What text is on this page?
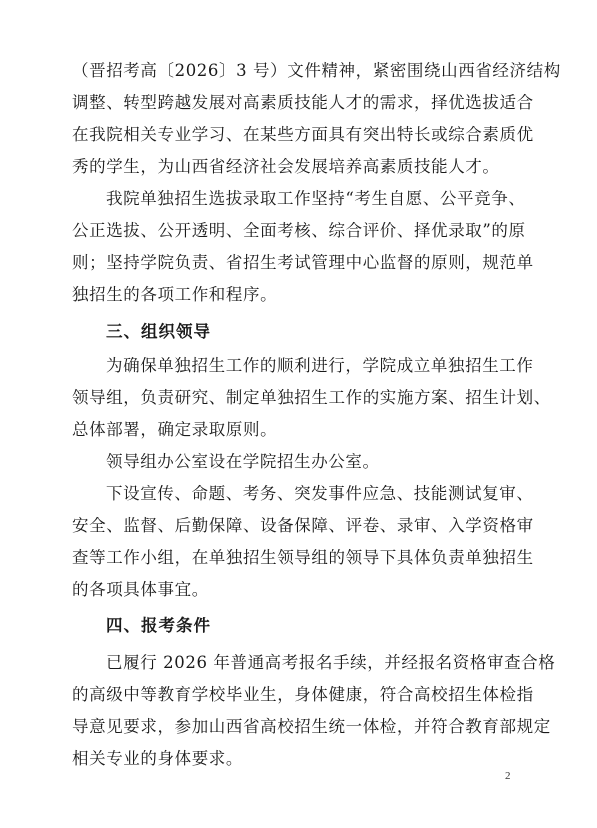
（晋招考高〔2026〕3 号）文件精神，紧密围绕山西省经济结构
调整、转型跨越发展对高素质技能人才的需求，择优选拔适合
在我院相关专业学习、在某些方面具有突出特长或综合素质优
秀的学生，为山西省经济社会发展培养高素质技能人才。
我院单独招生选拔录取工作坚持“考生自愿、公平竞争、
公正选拔、公开透明、全面考核、综合评价、择优录取”的原
则；坚持学院负责、省招生考试管理中心监督的原则，规范单
独招生的各项工作和程序。
三、组织领导
为确保单独招生工作的顺利进行，学院成立单独招生工作
领导组，负责研究、制定单独招生工作的实施方案、招生计划、
总体部署，确定录取原则。
领导组办公室设在学院招生办公室。
下设宣传、命题、考务、突发事件应急、技能测试复审、
安全、监督、后勤保障、设备保障、评卷、录审、入学资格审
查等工作小组，在单独招生领导组的领导下具体负责单独招生
的各项具体事宜。
四、报考条件
已履行 2026 年普通高考报名手续，并经报名资格审查合格
的高级中等教育学校毕业生，身体健康，符合高校招生体检指
导意见要求，参加山西省高校招生统一体检，并符合教育部规定
相关专业的身体要求。
2
